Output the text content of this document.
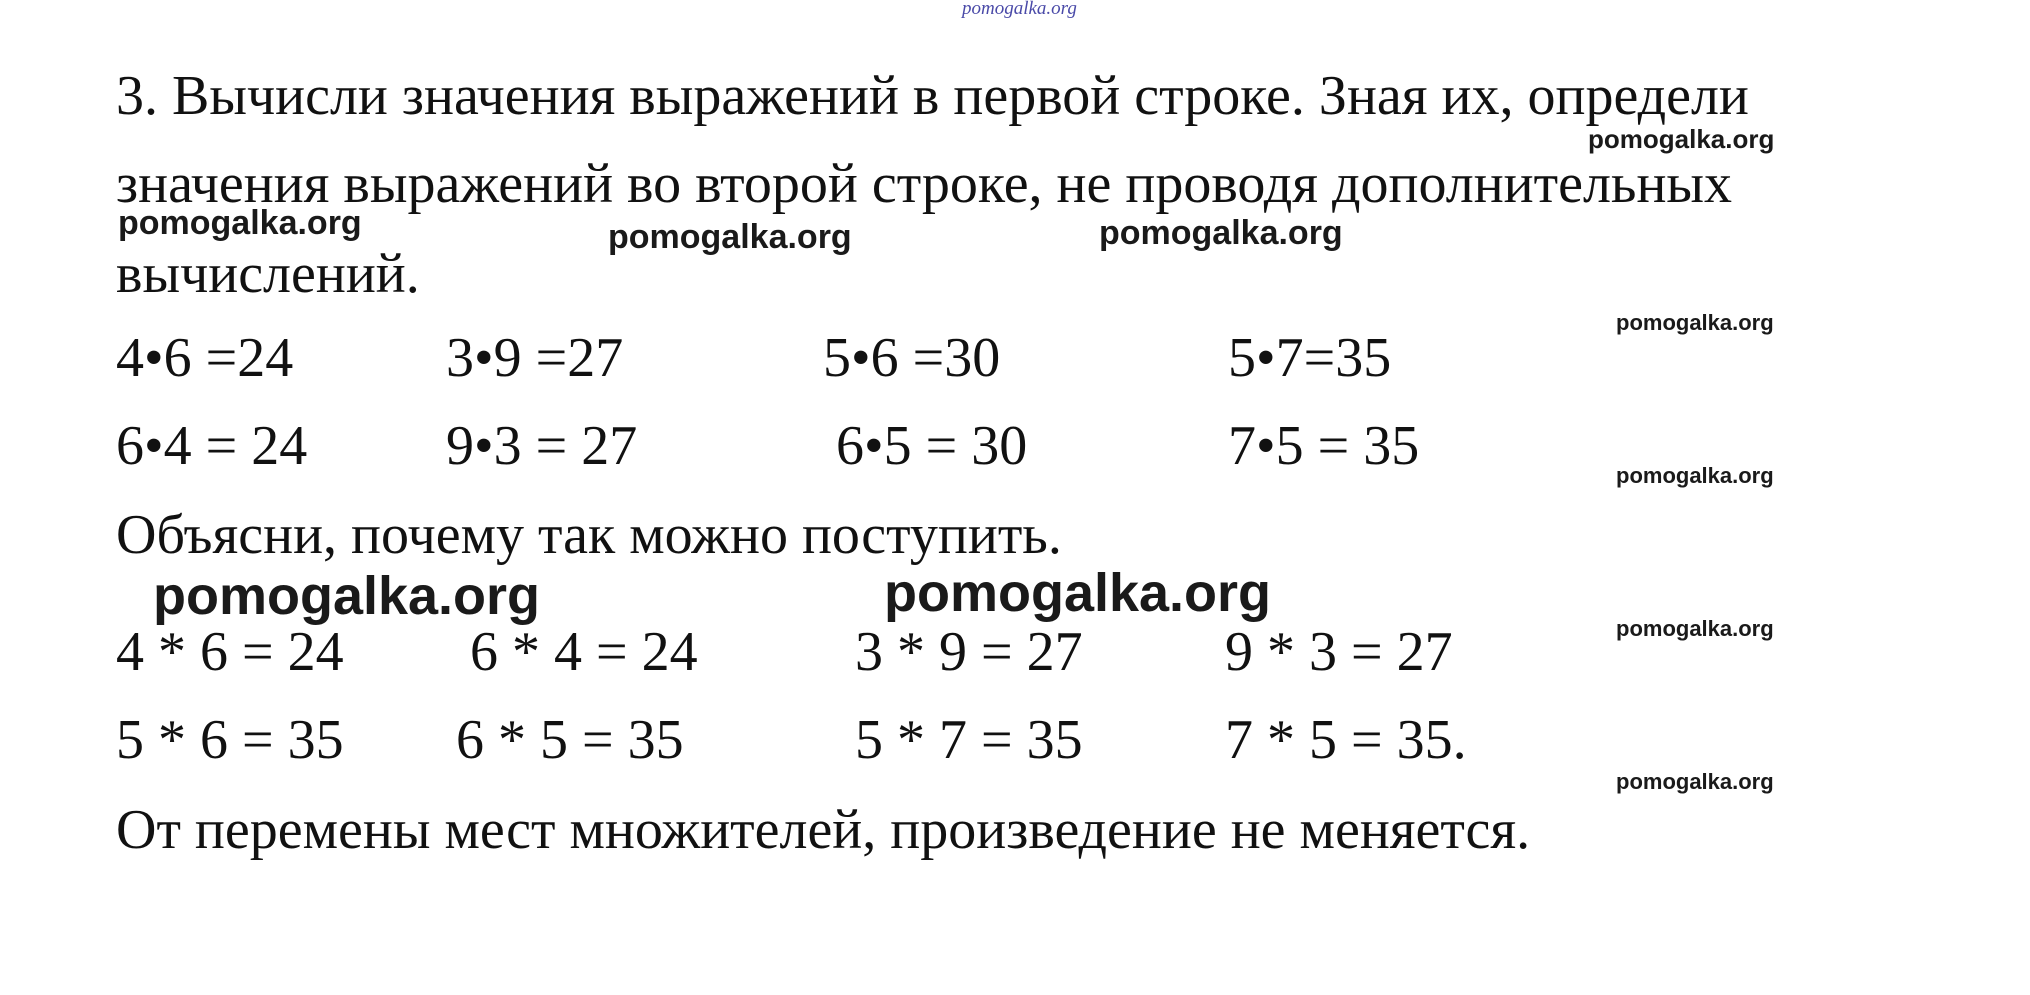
pomogalka.org
3. Вычисли значения выражений в первой строке. Зная их, определи
значения выражений во второй строке, не проводя дополнительных
вычислений.
4•6 =24	3•9 =27	5•6 =30	5•7=35
6•4 = 24 9•3 = 27	6•5 = 30	7•5 = 35
Объясни, почему так можно поступить.
4 * 6 = 24 6 * 4 = 24	3 * 9 = 27	9 * 3 = 27
5 * 6 = 35 6 * 5 = 35	5 * 7 = 35	7 * 5 = 35.
От перемены мест множителей, произведение не меняется.
pomogalka.org
pomogalka.org	pomogalka.org	pomogalka.org
pomogalka.org
pomogalka.org
pomogalka.org	pomogalka.org
pomogalka.org
pomogalka.org
